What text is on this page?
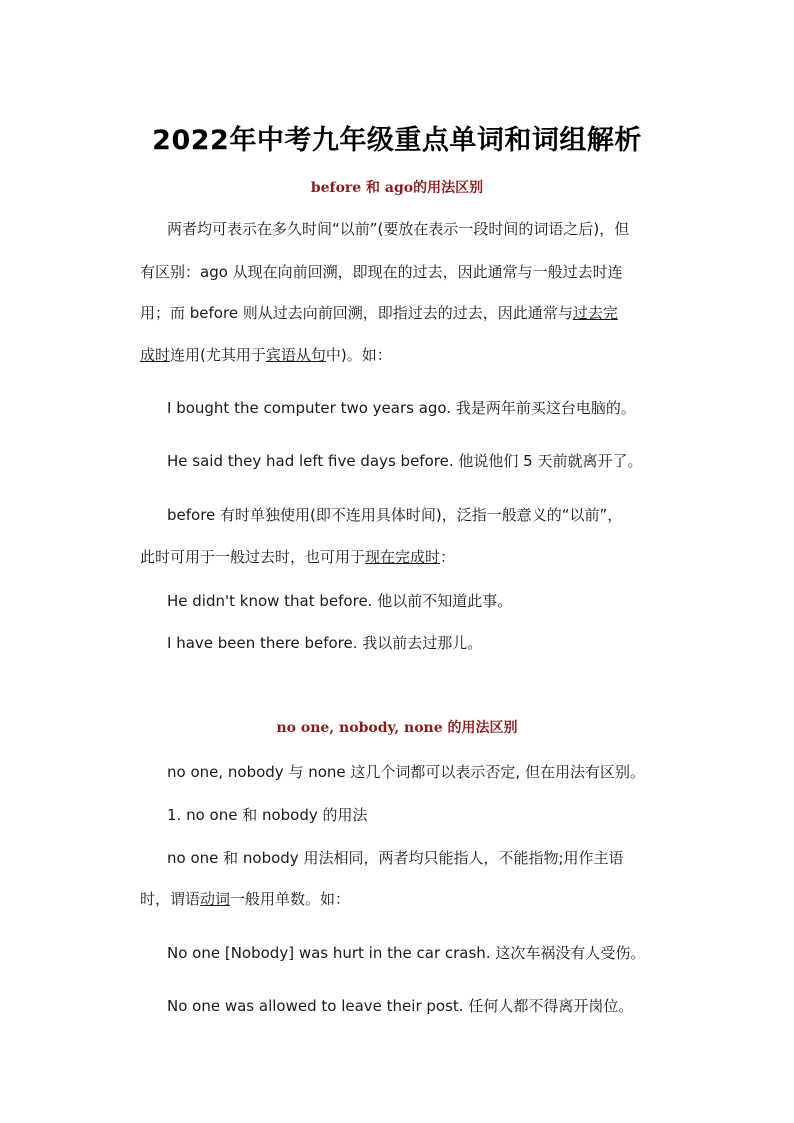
2022年中考九年级重点单词和词组解析
before 和 ago的用法区别
两者均可表示在多久时间“以前”(要放在表示一段时间的词语之后)，但
有区别：ago 从现在向前回溯，即现在的过去，因此通常与一般过去时连
用；而 before 则从过去向前回溯，即指过去的过去，因此通常与过去完
成时连用(尤其用于宾语从句中)。如：
I bought the computer two years ago. 我是两年前买这台电脑的。
He said they had left five days before. 他说他们 5 天前就离开了。
before 有时单独使用(即不连用具体时间)，泛指一般意义的“以前”，
此时可用于一般过去时，也可用于现在完成时：
He didn't know that before. 他以前不知道此事。
I have been there before. 我以前去过那儿。
no one, nobody, none 的用法区别
no one, nobody 与 none 这几个词都可以表示否定, 但在用法有区别。
1. no one 和 nobody 的用法
no one 和 nobody 用法相同，两者均只能指人，不能指物;用作主语
时，谓语动词一般用单数。如：
No one [Nobody] was hurt in the car crash. 这次车祸没有人受伤。
No one was allowed to leave their post. 任何人都不得离开岗位。
